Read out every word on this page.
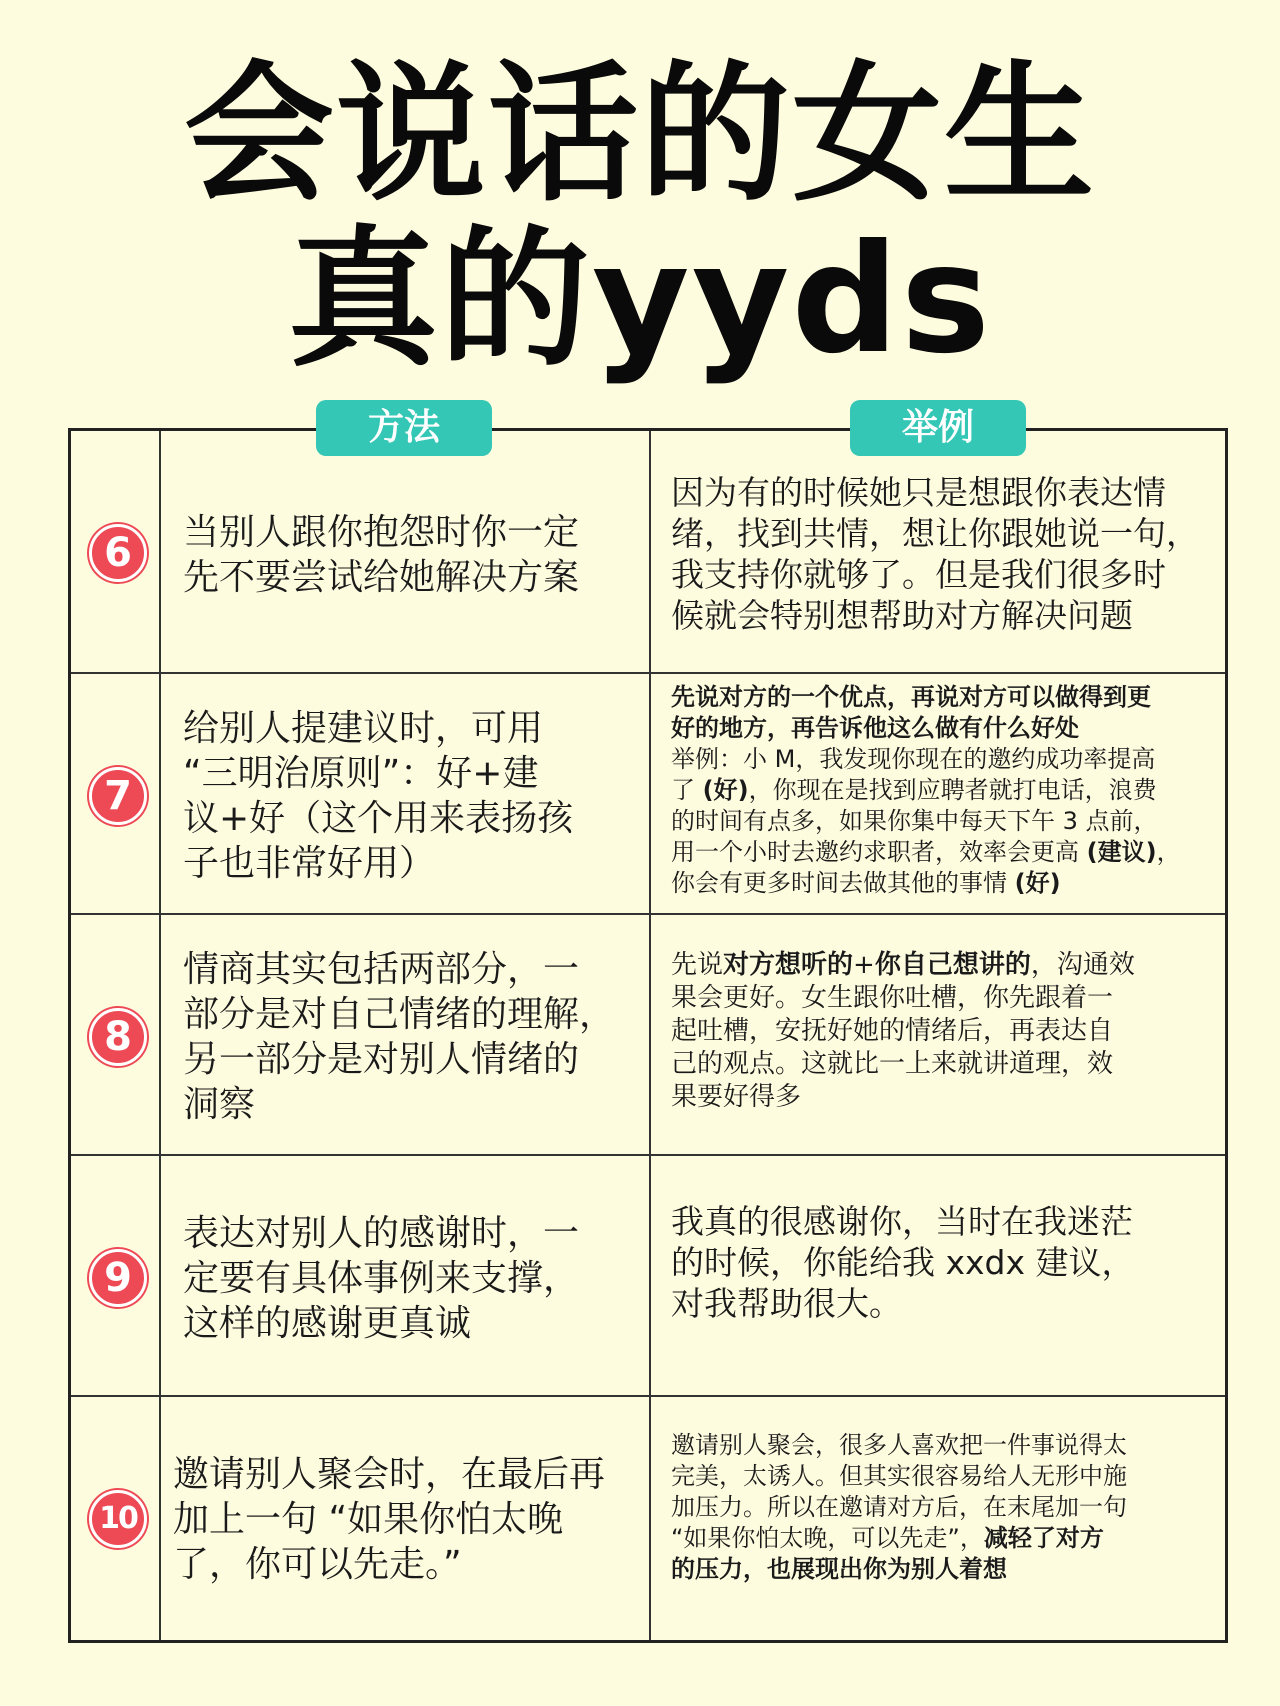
会说话的女生
真的yyds
6	当别人跟你抱怨时你一定
先不要尝试给她解决方案
因为有的时候她只是想跟你表达情
绪，找到共情，想让你跟她说一句，
我支持你就够了。但是我们很多时
候就会特别想帮助对方解决问题
7
给别人提建议时，可用
“三明治原则”：好+建
议+好（这个用来表扬孩
子也非常好用）
先说对方的一个优点，再说对方可以做得到更
好的地方，再告诉他这么做有什么好处
举例：小 M，我发现你现在的邀约成功率提高
了 (好)，你现在是找到应聘者就打电话，浪费
的时间有点多，如果你集中每天下午 3 点前，
用一个小时去邀约求职者，效率会更高 (建议)，
你会有更多时间去做其他的事情 (好)
8
情商其实包括两部分，一
部分是对自己情绪的理解，
另一部分是对别人情绪的
洞察
先说对方想听的+你自己想讲的，沟通效
果会更好。女生跟你吐槽，你先跟着一
起吐槽，安抚好她的情绪后，再表达自
己的观点。这就比一上来就讲道理，效
果要好得多
9
表达对别人的感谢时，一
定要有具体事例来支撑，
这样的感谢更真诚
我真的很感谢你，当时在我迷茫
的时候，你能给我 xxdx 建议，
对我帮助很大。
10
邀请别人聚会时，在最后再
加上一句 “如果你怕太晚
了，你可以先走。”
邀请别人聚会，很多人喜欢把一件事说得太
完美，太诱人。但其实很容易给人无形中施
加压力。所以在邀请对方后，在末尾加一句
“如果你怕太晚，可以先走”，减轻了对方
的压力，也展现出你为别人着想
方法	举例
